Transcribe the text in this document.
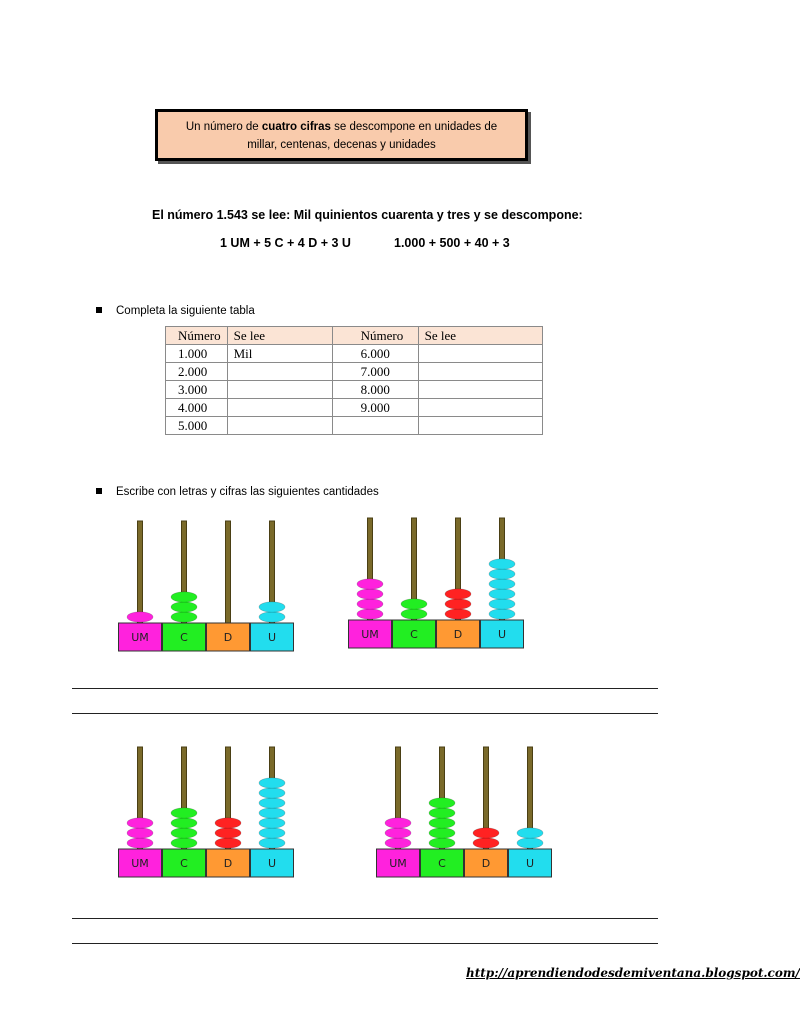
Un número de cuatro cifras se descompone en unidades de
millar, centenas, decenas y unidades
El número 1.543 se lee: Mil quinientos cuarenta y tres y se descompone:
1 UM + 5 C + 4 D + 3 U	1.000 + 500 + 40 + 3
Completa la siguiente tabla
Número	Se lee	Número	Se lee
1.000	Mil	6.000	
2.000		7.000	
3.000		8.000	
4.000		9.000	
5.000			
Escribe con letras y cifras las siguientes cantidades
UM	C	D	U	UM	C	D	U
UM	C	D	U	UM	C	D	U
http://aprendiendodesdemiventana.blogspot.com/
